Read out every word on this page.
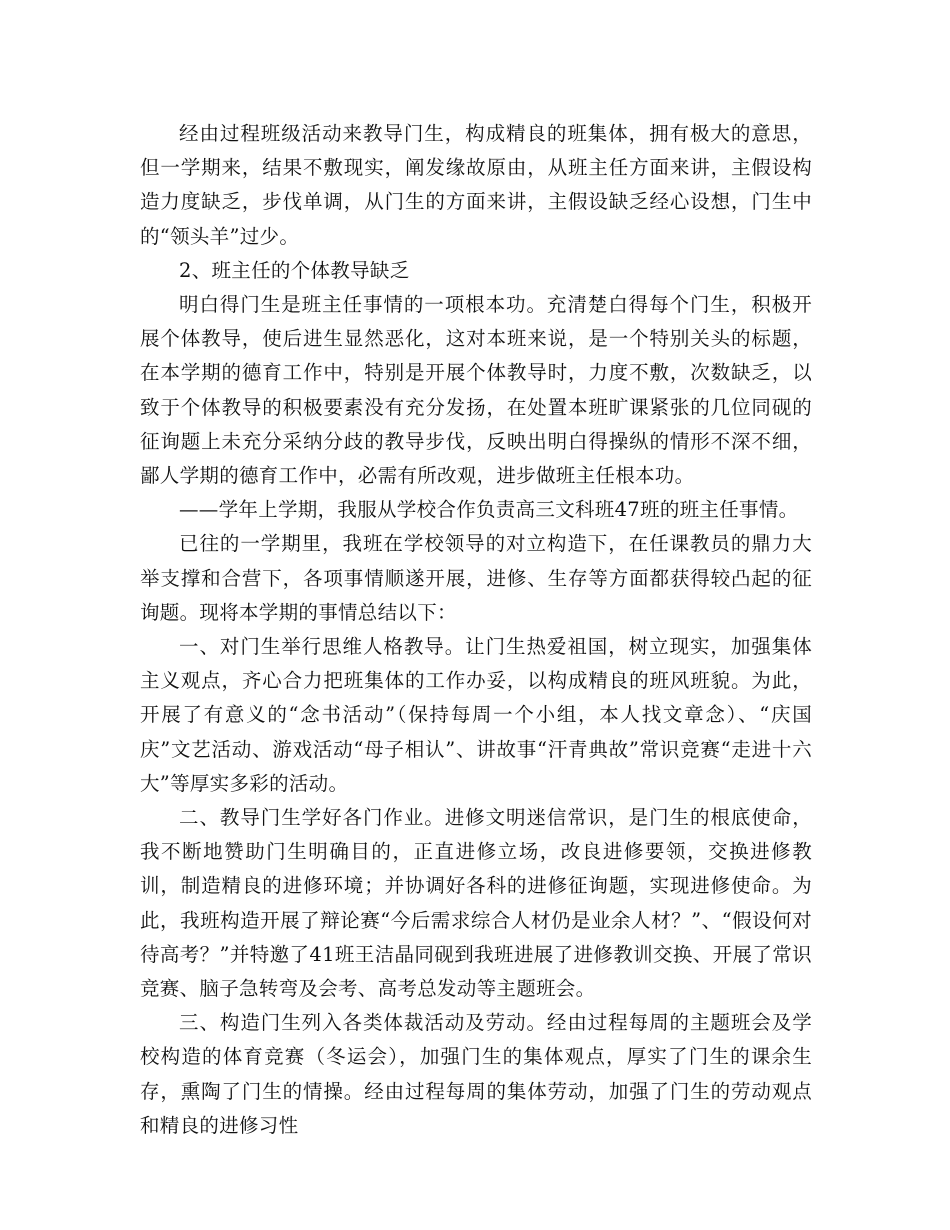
经由过程班级活动来教导门生，构成精良的班集体，拥有极大的意思，但一学期来，结果不敷现实，阐发缘故原由，从班主任方面来讲，主假设构造力度缺乏，步伐单调，从门生的方面来讲，主假设缺乏经心设想，门生中的“领头羊”过少。

2、班主任的个体教导缺乏

明白得门生是班主任事情的一项根本功。充清楚白得每个门生，积极开展个体教导，使后进生显然恶化，这对本班来说，是一个特别关头的标题，在本学期的德育工作中，特别是开展个体教导时，力度不敷，次数缺乏，以致于个体教导的积极要素没有充分发扬，在处置本班旷课紧张的几位同砚的征询题上未充分采纳分歧的教导步伐，反映出明白得操纵的情形不深不细，鄙人学期的德育工作中，必需有所改观，进步做班主任根本功。

——学年上学期，我服从学校合作负责高三文科班47班的班主任事情。

已往的一学期里，我班在学校领导的对立构造下，在任课教员的鼎力大举支撑和合营下，各项事情顺遂开展，进修、生存等方面都获得较凸起的征询题。现将本学期的事情总结以下：

一、对门生举行思维人格教导。让门生热爱祖国，树立现实，加强集体主义观点，齐心合力把班集体的工作办妥，以构成精良的班风班貌。为此，开展了有意义的“念书活动”（保持每周一个小组，本人找文章念）、“庆国庆”文艺活动、游戏活动“母子相认”、讲故事“汗青典故”常识竞赛“走进十六大”等厚实多彩的活动。

二、教导门生学好各门作业。进修文明迷信常识，是门生的根底使命，我不断地赞助门生明确目的，正直进修立场，改良进修要领，交换进修教训，制造精良的进修环境；并协调好各科的进修征询题，实现进修使命。为此，我班构造开展了辩论赛“今后需求综合人材仍是业余人材？”、“假设何对待高考？”并特邀了41班王洁晶同砚到我班进展了进修教训交换、开展了常识竞赛、脑子急转弯及会考、高考总发动等主题班会。

三、构造门生列入各类体裁活动及劳动。经由过程每周的主题班会及学校构造的体育竞赛（冬运会），加强门生的集体观点，厚实了门生的课余生存，熏陶了门生的情操。经由过程每周的集体劳动，加强了门生的劳动观点和精良的进修习性
